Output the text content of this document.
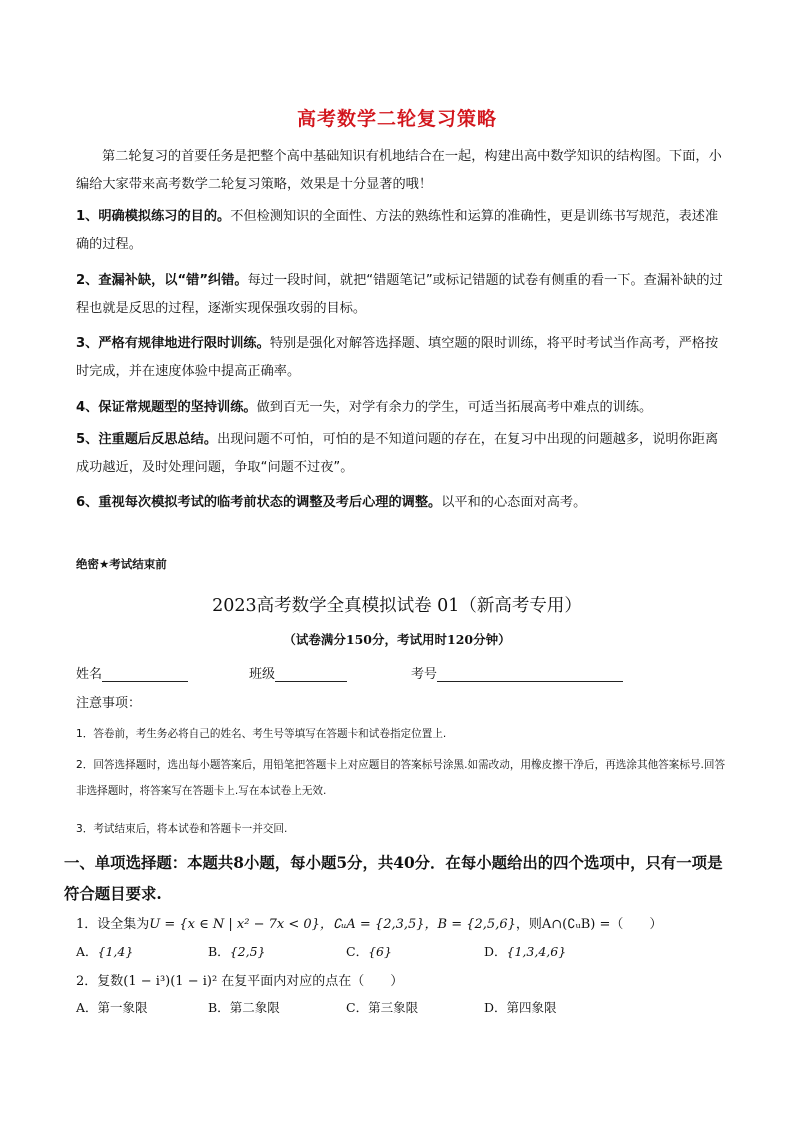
高考数学二轮复习策略
第二轮复习的首要任务是把整个高中基础知识有机地结合在一起，构建出高中数学知识的结构图。下面，小编给大家带来高考数学二轮复习策略，效果是十分显著的哦！
1、明确模拟练习的目的。不但检测知识的全面性、方法的熟练性和运算的准确性，更是训练书写规范，表述准确的过程。
2、查漏补缺，以“错”纠错。每过一段时间，就把“错题笔记”或标记错题的试卷有侧重的看一下。查漏补缺的过程也就是反思的过程，逐渐实现保强攻弱的目标。
3、严格有规律地进行限时训练。特别是强化对解答选择题、填空题的限时训练，将平时考试当作高考，严格按时完成，并在速度体验中提高正确率。
4、保证常规题型的坚持训练。做到百无一失，对学有余力的学生，可适当拓展高考中难点的训练。
5、注重题后反思总结。出现问题不可怕，可怕的是不知道问题的存在，在复习中出现的问题越多，说明你距离成功越近，及时处理问题，争取“问题不过夜”。
6、重视每次模拟考试的临考前状态的调整及考后心理的调整。以平和的心态面对高考。
绝密★考试结束前
2023高考数学全真模拟试卷 01（新高考专用）
（试卷满分150分，考试用时120分钟）
姓名	班级	考号
注意事项：
1．答卷前，考生务必将自己的姓名、考生号等填写在答题卡和试卷指定位置上.
2．回答选择题时，选出每小题答案后，用铅笔把答题卡上对应题目的答案标号涂黑.如需改动，用橡皮擦干净后，再选涂其他答案标号.回答非选择题时，将答案写在答题卡上.写在本试卷上无效.
3．考试结束后，将本试卷和答题卡一并交回.
一、单项选择题：本题共8小题，每小题5分，共40分．在每小题给出的四个选项中，只有一项是符合题目要求.
1．设全集为U = {x ∈ N | x² − 7x < 0}，∁ᵤA = {2,3,5}，B = {2,5,6}，则A∩(∁ᵤB) =（　　）
A．{1,4}	B．{2,5}	C．{6}	D．{1,3,4,6}
2．复数(1 − i³)(1 − i)² 在复平面内对应的点在（　　）
A．第一象限	B．第二象限	C．第三象限	D．第四象限
